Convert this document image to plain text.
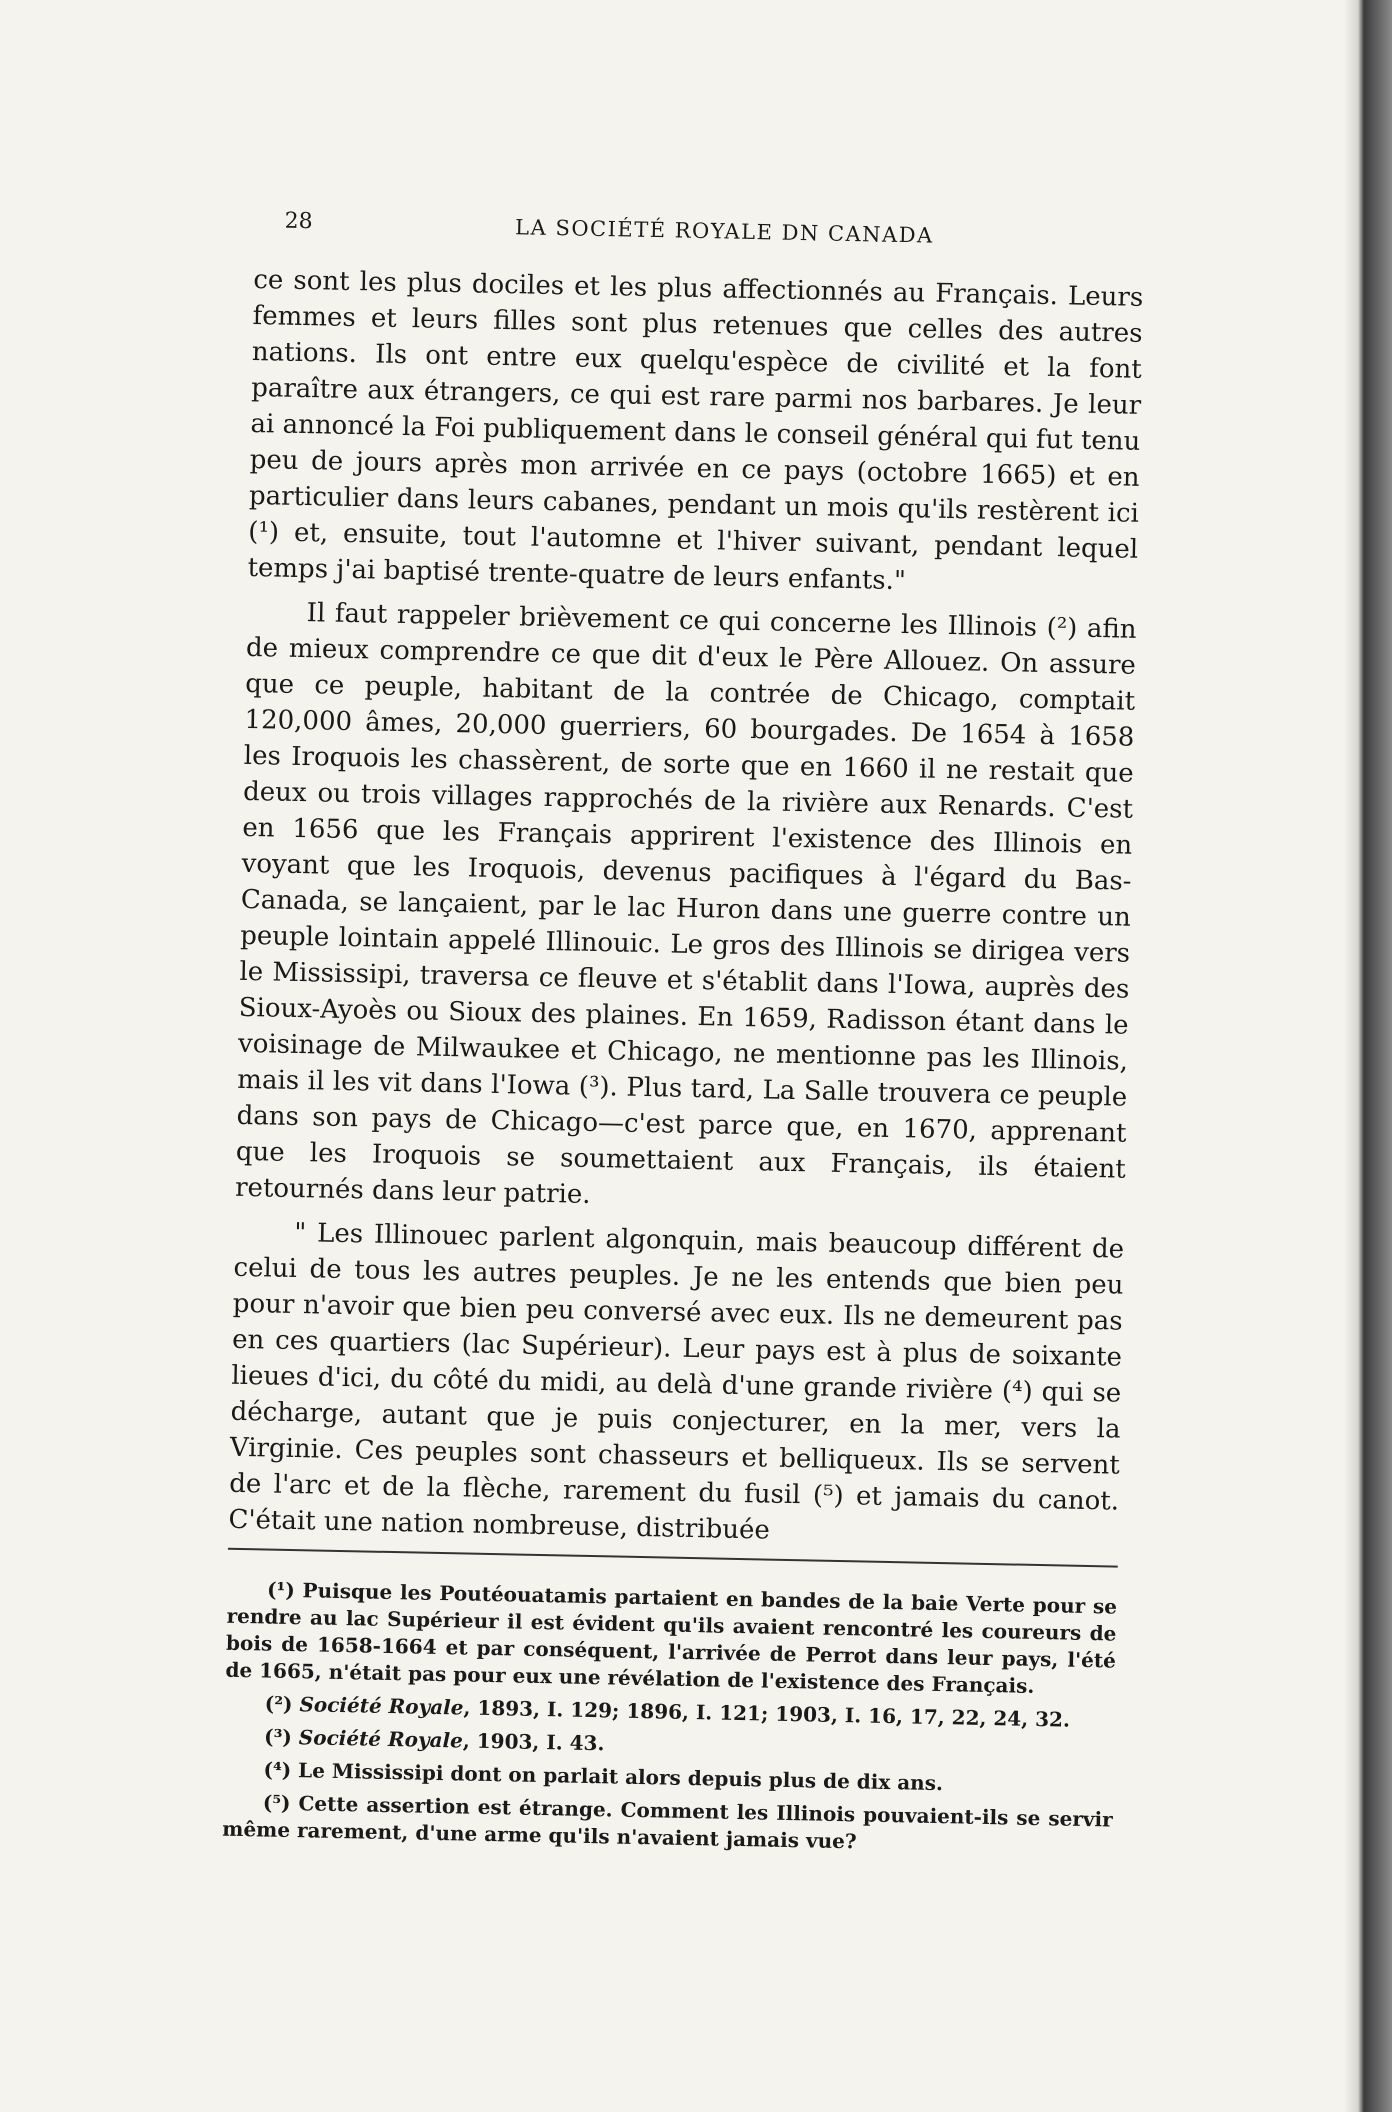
28	LA SOCIÉTÉ ROYALE DN CANADA

ce sont les plus dociles et les plus affectionnés au Français. Leurs femmes et leurs filles sont plus retenues que celles des autres nations. Ils ont entre eux quelqu'espèce de civilité et la font paraître aux étrangers, ce qui est rare parmi nos barbares. Je leur ai annoncé la Foi publiquement dans le conseil général qui fut tenu peu de jours après mon arrivée en ce pays (octobre 1665) et en particulier dans leurs cabanes, pendant un mois qu'ils restèrent ici (¹) et, ensuite, tout l'automne et l'hiver suivant, pendant lequel temps j'ai baptisé trente-quatre de leurs enfants."

Il faut rappeler brièvement ce qui concerne les Illinois (²) afin de mieux comprendre ce que dit d'eux le Père Allouez. On assure que ce peuple, habitant de la contrée de Chicago, comptait 120,000 âmes, 20,000 guerriers, 60 bourgades. De 1654 à 1658 les Iroquois les chassèrent, de sorte que en 1660 il ne restait que deux ou trois villages rapprochés de la rivière aux Renards. C'est en 1656 que les Français apprirent l'existence des Illinois en voyant que les Iroquois, devenus pacifiques à l'égard du Bas-Canada, se lançaient, par le lac Huron dans une guerre contre un peuple lointain appelé Illinouic. Le gros des Illinois se dirigea vers le Mississipi, traversa ce fleuve et s'établit dans l'Iowa, auprès des Sioux-Ayoès ou Sioux des plaines. En 1659, Radisson étant dans le voisinage de Milwaukee et Chicago, ne mentionne pas les Illinois, mais il les vit dans l'Iowa (³). Plus tard, La Salle trouvera ce peuple dans son pays de Chicago—c'est parce que, en 1670, apprenant que les Iroquois se soumettaient aux Français, ils étaient retournés dans leur patrie.

" Les Illinouec parlent algonquin, mais beaucoup différent de celui de tous les autres peuples. Je ne les entends que bien peu pour n'avoir que bien peu conversé avec eux. Ils ne demeurent pas en ces quartiers (lac Supérieur). Leur pays est à plus de soixante lieues d'ici, du côté du midi, au delà d'une grande rivière (⁴) qui se décharge, autant que je puis conjecturer, en la mer, vers la Virginie. Ces peuples sont chasseurs et belliqueux. Ils se servent de l'arc et de la flèche, rarement du fusil (⁵) et jamais du canot. C'était une nation nombreuse, distribuée

(¹) Puisque les Poutéouatamis partaient en bandes de la baie Verte pour se rendre au lac Supérieur il est évident qu'ils avaient rencontré les coureurs de bois de 1658-1664 et par conséquent, l'arrivée de Perrot dans leur pays, l'été de 1665, n'était pas pour eux une révélation de l'existence des Français.

(²) Société Royale, 1893, I. 129; 1896, I. 121; 1903, I. 16, 17, 22, 24, 32.

(³) Société Royale, 1903, I. 43.

(⁴) Le Mississipi dont on parlait alors depuis plus de dix ans.

(⁵) Cette assertion est étrange. Comment les Illinois pouvaient-ils se servir même rarement, d'une arme qu'ils n'avaient jamais vue?
